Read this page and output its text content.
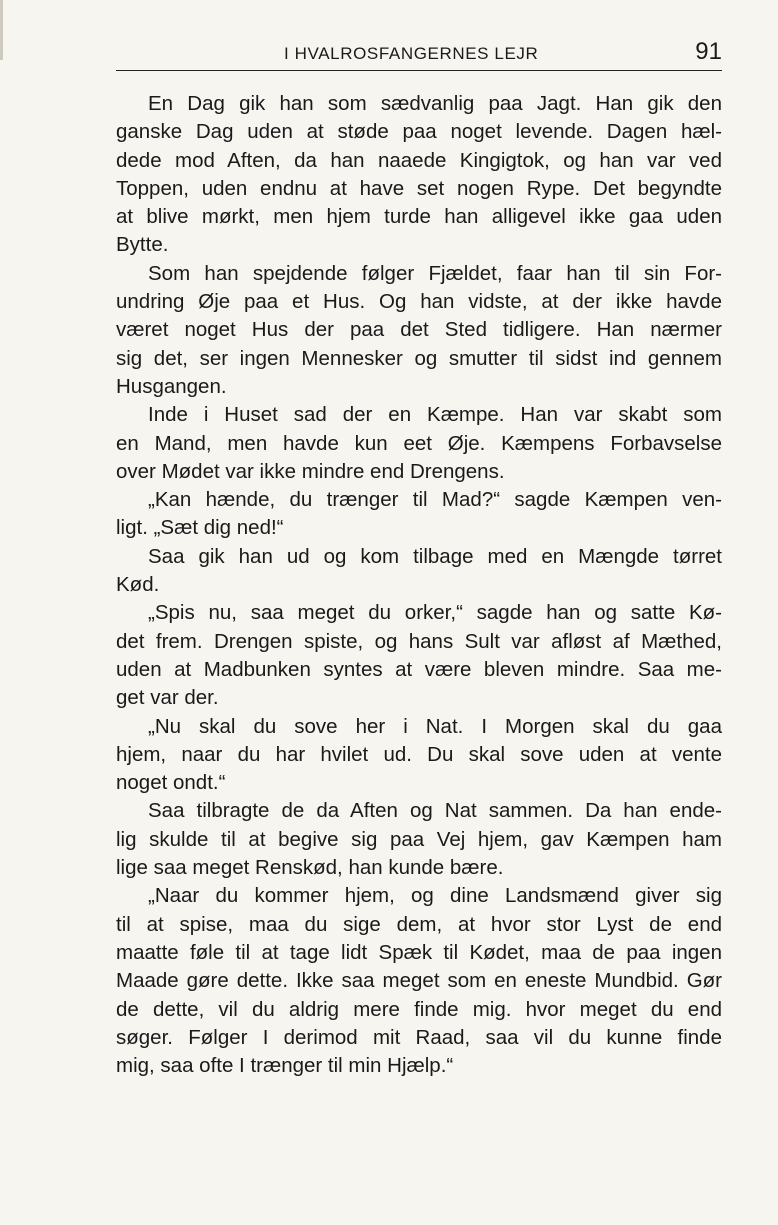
I HVALROSFANGERNES LEJR	91
En Dag gik han som sædvanlig paa Jagt. Han gik den
ganske Dag uden at støde paa noget levende. Dagen hæl-
dede mod Aften, da han naaede Kingigtok, og han var ved
Toppen, uden endnu at have set nogen Rype. Det begyndte
at blive mørkt, men hjem turde han alligevel ikke gaa uden
Bytte.
Som han spejdende følger Fjældet, faar han til sin For-
undring Øje paa et Hus. Og han vidste, at der ikke havde
været noget Hus der paa det Sted tidligere. Han nærmer
sig det, ser ingen Mennesker og smutter til sidst ind gennem
Husgangen.
Inde i Huset sad der en Kæmpe. Han var skabt som
en Mand, men havde kun eet Øje. Kæmpens Forbavselse
over Mødet var ikke mindre end Drengens.
„Kan hænde, du trænger til Mad?“ sagde Kæmpen ven-
ligt. „Sæt dig ned!“
Saa gik han ud og kom tilbage med en Mængde tørret
Kød.
„Spis nu, saa meget du orker,“ sagde han og satte Kø-
det frem. Drengen spiste, og hans Sult var afløst af Mæthed,
uden at Madbunken syntes at være bleven mindre. Saa me-
get var der.
„Nu skal du sove her i Nat. I Morgen skal du gaa
hjem, naar du har hvilet ud. Du skal sove uden at vente
noget ondt.“
Saa tilbragte de da Aften og Nat sammen. Da han ende-
lig skulde til at begive sig paa Vej hjem, gav Kæmpen ham
lige saa meget Renskød, han kunde bære.
„Naar du kommer hjem, og dine Landsmænd giver sig
til at spise, maa du sige dem, at hvor stor Lyst de end
maatte føle til at tage lidt Spæk til Kødet, maa de paa ingen
Maade gøre dette. Ikke saa meget som en eneste Mundbid. Gør
de dette, vil du aldrig mere finde mig. hvor meget du end
søger. Følger I derimod mit Raad, saa vil du kunne finde
mig, saa ofte I trænger til min Hjælp.“
